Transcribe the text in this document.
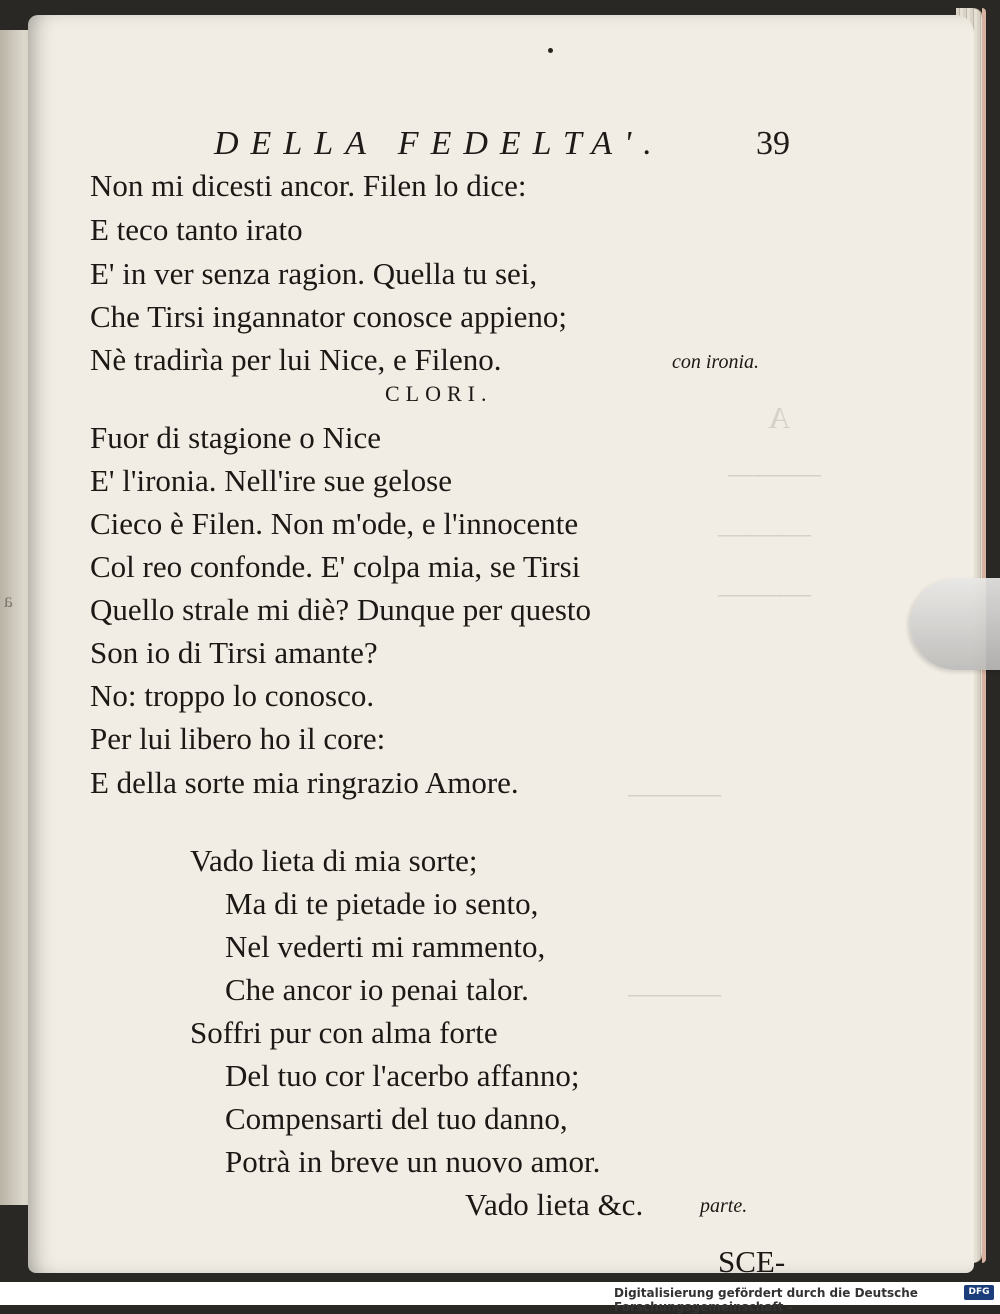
a
A
———
———
———
———
———
DELLA FEDELTA'.	39
Non mi dicesti ancor. Filen lo dice:
E teco tanto irato
E' in ver senza ragion. Quella tu sei,
Che Tirsi ingannator conosce appieno;
Nè tradirìa per lui Nice, e Fileno.	con ironia.
CLORI.
Fuor di stagione o Nice
E' l'ironia. Nell'ire sue gelose
Cieco è Filen. Non m'ode, e l'innocente
Col reo confonde. E' colpa mia, se Tirsi
Quello strale mi diè? Dunque per questo
Son io di Tirsi amante?
No: troppo lo conosco.
Per lui libero ho il core:
E della sorte mia ringrazio Amore.
Vado lieta di mia sorte;
Ma di te pietade io sento,
Nel vederti mi rammento,
Che ancor io penai talor.
Soffri pur con alma forte
Del tuo cor l'acerbo affanno;
Compensarti del tuo danno,
Potrà in breve un nuovo amor.
Vado lieta &c.	parte.
SCE-
Digitalisierung gefördert durch die Deutsche Forschungsgemeinschaft -
DFG
